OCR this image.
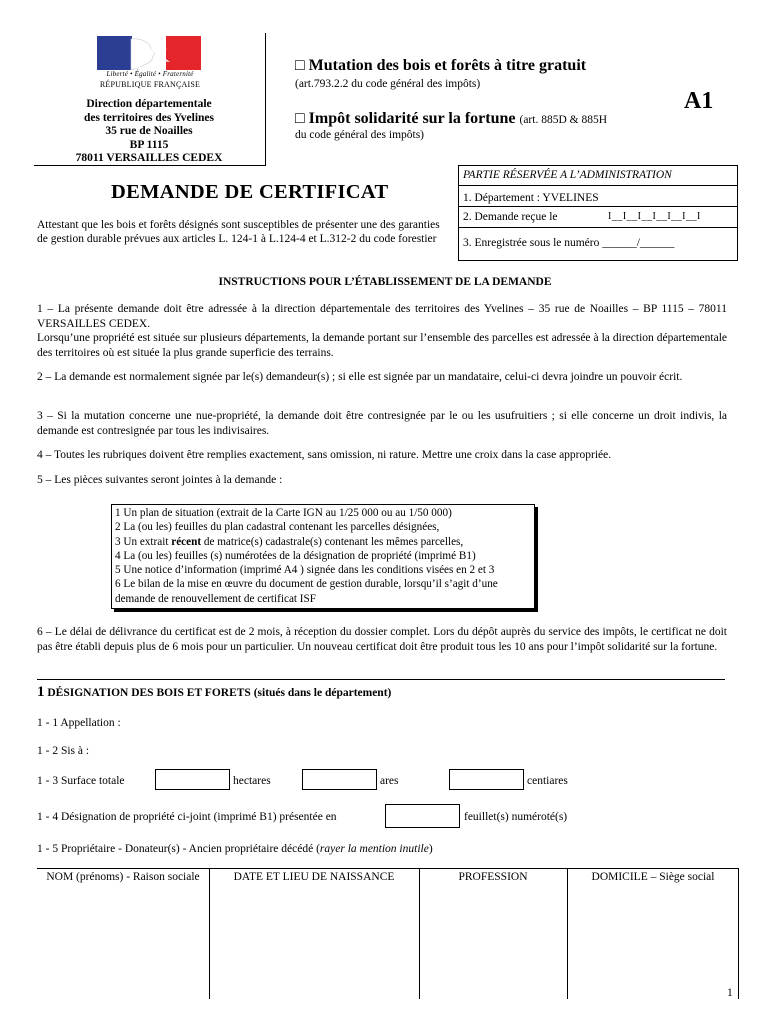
Liberté • Égalité • Fraternité
RÉPUBLIQUE FRANÇAISE
Direction départementale
des territoires des Yvelines
35 rue de Noailles
BP 1115
78011 VERSAILLES CEDEX
□ Mutation des bois et forêts à titre gratuit
(art.793.2.2 du code général des impôts)
□ Impôt solidarité sur la fortune (art. 885D & 885H
du code général des impôts)
A1
PARTIE RÉSERVÉE A L’ADMINISTRATION
1. Département : YVELINES
2. Demande reçue le	I__I__I__I__I__I__I
3. Enregistrée sous le numéro ______/______
DEMANDE DE CERTIFICAT
Attestant que les bois et forêts désignés sont susceptibles de présenter une des garanties de gestion durable prévues aux articles L. 124-1 à L.124-4 et L.312-2 du code forestier
INSTRUCTIONS POUR L’ÉTABLISSEMENT DE LA DEMANDE
1 – La présente demande doit être adressée à la direction départementale des territoires des Yvelines – 35 rue de Noailles – BP 1115 – 78011 VERSAILLES CEDEX.
Lorsqu’une propriété est située sur plusieurs départements, la demande portant sur l’ensemble des parcelles est adressée à la direction départementale des territoires où est située la plus grande superficie des terrains.
2 – La demande est normalement signée par le(s) demandeur(s) ; si elle est signée par un mandataire, celui-ci devra joindre un pouvoir écrit.
3 – Si la mutation concerne une nue-propriété, la demande doit être contresignée par le ou les usufruitiers ; si elle concerne un droit indivis, la demande est contresignée par tous les indivisaires.
4 – Toutes les rubriques doivent être remplies exactement, sans omission, ni rature. Mettre une croix dans la case appropriée.
5 – Les pièces suivantes seront jointes à la demande :
1 Un plan de situation (extrait de la Carte IGN au 1/25 000 ou au 1/50 000)
2 La (ou les) feuilles du plan cadastral contenant les parcelles désignées,
3 Un extrait récent de matrice(s) cadastrale(s) contenant les mêmes parcelles,
4 La (ou les) feuilles (s) numérotées de la désignation de propriété (imprimé B1)
5 Une notice d’information (imprimé A4 ) signée dans les conditions visées en 2 et 3
6 Le bilan de la mise en œuvre du document de gestion durable, lorsqu’il s’agit d’une
demande de renouvellement de certificat ISF
6 – Le délai de délivrance du certificat est de 2 mois, à réception du dossier complet. Lors du dépôt auprès du service des impôts, le certificat ne doit pas être établi depuis plus de 6 mois pour un particulier. Un nouveau certificat doit être produit tous les 10 ans pour l’impôt solidarité sur la fortune.
1 DÉSIGNATION DES BOIS ET FORETS (situés dans le département)
1 - 1 Appellation :
1 - 2 Sis à :
1 - 3 Surface totale	hectares	ares	centiares
1 - 4 Désignation de propriété ci-joint (imprimé B1) présentée en	feuillet(s) numéroté(s)
1 - 5 Propriétaire - Donateur(s) - Ancien propriétaire décédé (rayer la mention inutile)
NOM (prénoms) - Raison sociale	DATE ET LIEU DE NAISSANCE	PROFESSION	DOMICILE – Siège social
1
